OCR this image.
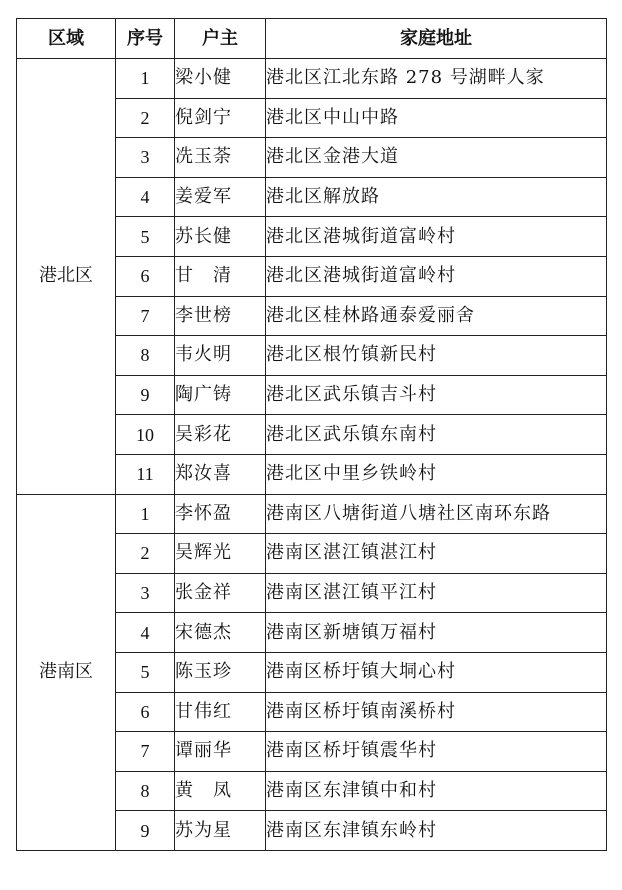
区域	序号	户主	家庭地址
港北区	1	梁小健	港北区江北东路 278 号湖畔人家
	2	倪剑宁	港北区中山中路
	3	冼玉荼	港北区金港大道
	4	姜爱军	港北区解放路
	5	苏长健	港北区港城街道富岭村
	6	甘　清	港北区港城街道富岭村
	7	李世榜	港北区桂林路通泰爱丽舍
	8	韦火明	港北区根竹镇新民村
	9	陶广铸	港北区武乐镇吉斗村
	10	吴彩花	港北区武乐镇东南村
	11	郑汝喜	港北区中里乡铁岭村
港南区	1	李怀盈	港南区八塘街道八塘社区南环东路
	2	吴辉光	港南区湛江镇湛江村
	3	张金祥	港南区湛江镇平江村
	4	宋德杰	港南区新塘镇万福村
	5	陈玉珍	港南区桥圩镇大垌心村
	6	甘伟红	港南区桥圩镇南溪桥村
	7	谭丽华	港南区桥圩镇震华村
	8	黄　凤	港南区东津镇中和村
	9	苏为星	港南区东津镇东岭村
